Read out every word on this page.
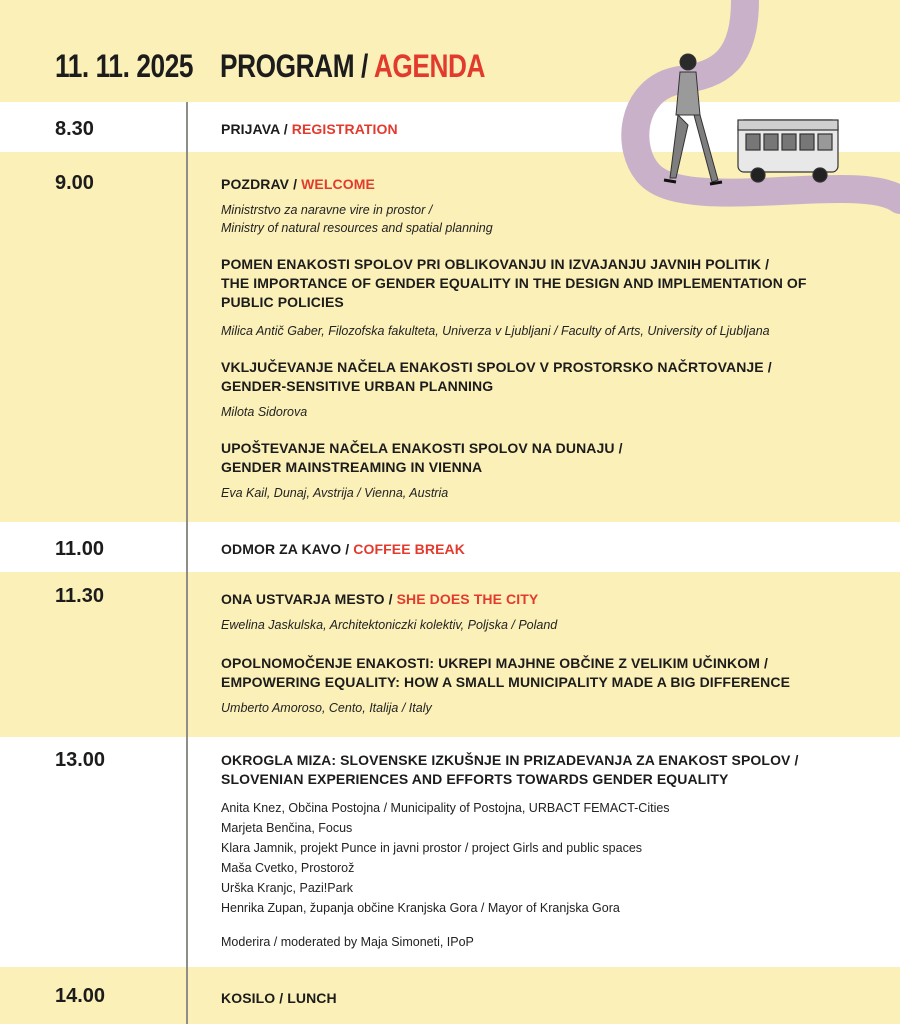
11. 11. 2025 PROGRAM / AGENDA
8.30	PRIJAVA / REGISTRATION
9.00	POZDRAV / WELCOME
Ministrstvo za naravne vire in prostor /
Ministry of natural resources and spatial planning
POMEN ENAKOSTI SPOLOV PRI OBLIKOVANJU IN IZVAJANJU JAVNIH POLITIK /
THE IMPORTANCE OF GENDER EQUALITY IN THE DESIGN AND IMPLEMENTATION OF PUBLIC POLICIES
Milica Antič Gaber, Filozofska fakulteta, Univerza v Ljubljani / Faculty of Arts, University of Ljubljana
VKLJUČEVANJE NAČELA ENAKOSTI SPOLOV V PROSTORSKO NAČRTOVANJE /
GENDER-SENSITIVE URBAN PLANNING
Milota Sidorova
UPOŠTEVANJE NAČELA ENAKOSTI SPOLOV NA DUNAJU /
GENDER MAINSTREAMING IN VIENNA
Eva Kail, Dunaj, Avstrija / Vienna, Austria
11.00	ODMOR ZA KAVO / COFFEE BREAK
11.30	ONA USTVARJA MESTO / SHE DOES THE CITY
Ewelina Jaskulska, Architektoniczki kolektiv, Poljska / Poland
OPOLNOMOČENJE ENAKOSTI: UKREPI MAJHNE OBČINE Z VELIKIM UČINKOM /
EMPOWERING EQUALITY: HOW A SMALL MUNICIPALITY MADE A BIG DIFFERENCE
Umberto Amoroso, Cento, Italija / Italy
13.00	OKROGLA MIZA: SLOVENSKE IZKUŠNJE IN PRIZADEVANJA ZA ENAKOST SPOLOV /
SLOVENIAN EXPERIENCES AND EFFORTS TOWARDS GENDER EQUALITY
Anita Knez, Občina Postojna / Municipality of Postojna, URBACT FEMACT-Cities
Marjeta Benčina, Focus
Klara Jamnik, projekt Punce in javni prostor / project Girls and public spaces
Maša Cvetko, Prostorož
Urška Kranjc, Pazi!Park
Henrika Zupan, županja občine Kranjska Gora / Mayor of Kranjska Gora
Moderira / moderated by Maja Simoneti, IPoP
14.00	KOSILO / LUNCH
